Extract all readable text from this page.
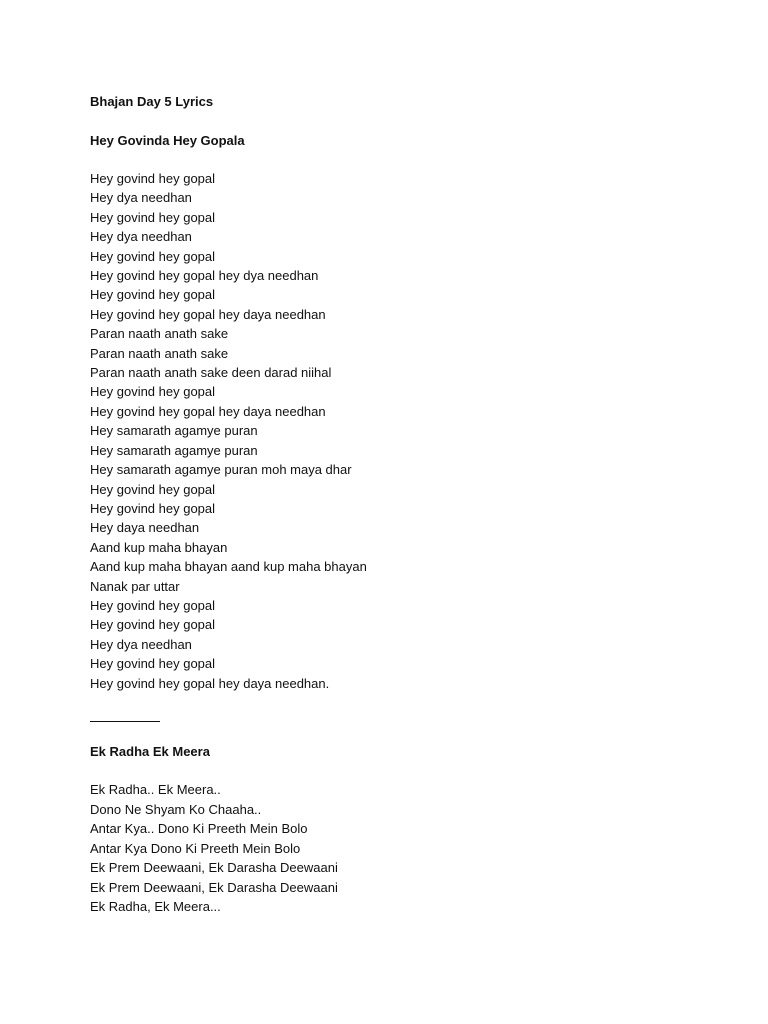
Bhajan Day 5 Lyrics

Hey Govinda Hey Gopala

Hey govind hey gopal
Hey dya needhan
Hey govind hey gopal
Hey dya needhan
Hey govind hey gopal
Hey govind hey gopal hey dya needhan
Hey govind hey gopal
Hey govind hey gopal hey daya needhan
Paran naath anath sake
Paran naath anath sake
Paran naath anath sake deen darad niihal
Hey govind hey gopal
Hey govind hey gopal hey daya needhan
Hey samarath agamye puran
Hey samarath agamye puran
Hey samarath agamye puran moh maya dhar
Hey govind hey gopal
Hey govind hey gopal
Hey daya needhan
Aand kup maha bhayan
Aand kup maha bhayan aand kup maha bhayan
Nanak par uttar
Hey govind hey gopal
Hey govind hey gopal
Hey dya needhan
Hey govind hey gopal
Hey govind hey gopal hey daya needhan.

Ek Radha Ek Meera

Ek Radha.. Ek Meera..
Dono Ne Shyam Ko Chaaha..
Antar Kya.. Dono Ki Preeth Mein Bolo
Antar Kya Dono Ki Preeth Mein Bolo
Ek Prem Deewaani, Ek Darasha Deewaani
Ek Prem Deewaani, Ek Darasha Deewaani
Ek Radha, Ek Meera...
